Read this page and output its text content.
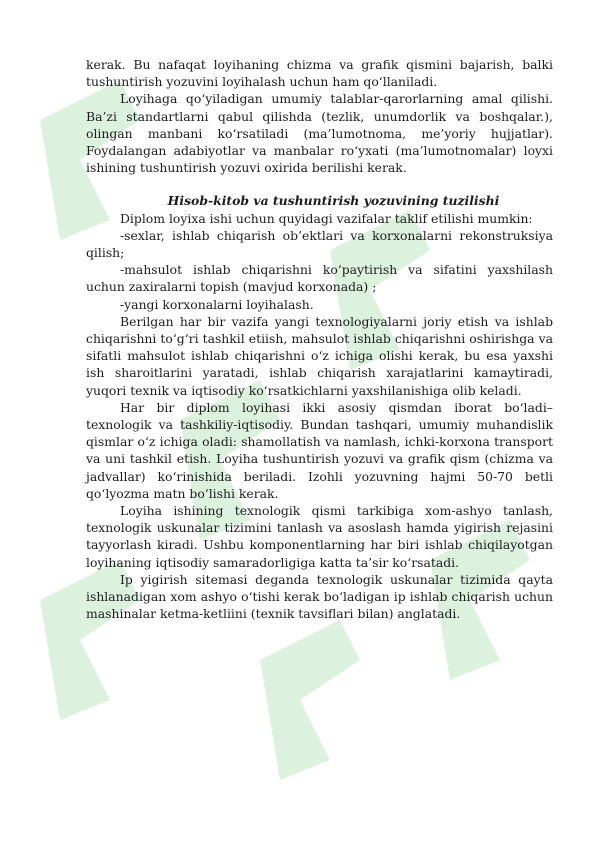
kerak. Bu nafaqat loyihaning chizma va grafik qismini bajarish, balki tushuntirish yozuvini loyihalash uchun ham qo‘llaniladi.

Loyihaga qo‘yiladigan umumiy talablar-qarorlarning amal qilishi. Ba’zi standartlarni qabul qilishda (tezlik, unumdorlik va boshqalar.), olingan manbani ko‘rsatiladi (ma’lumotnoma, me’yoriy hujjatlar). Foydalangan adabiyotlar va manbalar ro‘yxati (ma’lumotnomalar) loyxi ishining tushuntirish yozuvi oxirida berilishi kerak.

Hisob-kitob va tushuntirish yozuvining tuzilishi

Diplom loyixa ishi uchun quyidagi vazifalar taklif etilishi mumkin:

-sexlar, ishlab chiqarish ob’ektlari va korxonalarni rekonstruksiya qilish;

-mahsulot ishlab chiqarishni ko‘paytirish va sifatini yaxshilash uchun zaxiralarni topish (mavjud korxonada) ;

-yangi korxonalarni loyihalash.

Berilgan har bir vazifa yangi texnologiyalarni joriy etish va ishlab chiqarishni to‘g‘ri tashkil etiish, mahsulot ishlab chiqarishni oshirishga va sifatli mahsulot ishlab chiqarishni o‘z ichiga olishi kerak, bu esa yaxshi ish sharoitlarini yaratadi, ishlab chiqarish xarajatlarini kamaytiradi, yuqori texnik va iqtisodiy ko‘rsatkichlarni yaxshilanishiga olib keladi.

Har bir diplom loyihasi ikki asosiy qismdan iborat bo‘ladi– texnologik va tashkiliy-iqtisodiy. Bundan tashqari, umumiy muhandislik qismlar o‘z ichiga oladi: shamollatish va namlash, ichki-korxona transport va uni tashkil etish. Loyiha tushuntirish yozuvi va grafik qism (chizma va jadvallar) ko‘rinishida beriladi. Izohli yozuvning hajmi 50-70 betli qo‘lyozma matn bo‘lishi kerak.

Loyiha ishining texnologik qismi tarkibiga xom-ashyo tanlash, texnologik uskunalar tizimini tanlash va asoslash hamda yigirish rejasini tayyorlash kiradi. Ushbu komponentlarning har biri ishlab chiqilayotgan loyihaning iqtisodiy samaradorligiga katta ta’sir ko‘rsatadi.

Ip yigirish sitemasi deganda texnologik uskunalar tizimida qayta ishlanadigan xom ashyo o‘tishi kerak bo‘ladigan ip ishlab chiqarish uchun mashinalar ketma-ketliini (texnik tavsiflari bilan) anglatadi.
